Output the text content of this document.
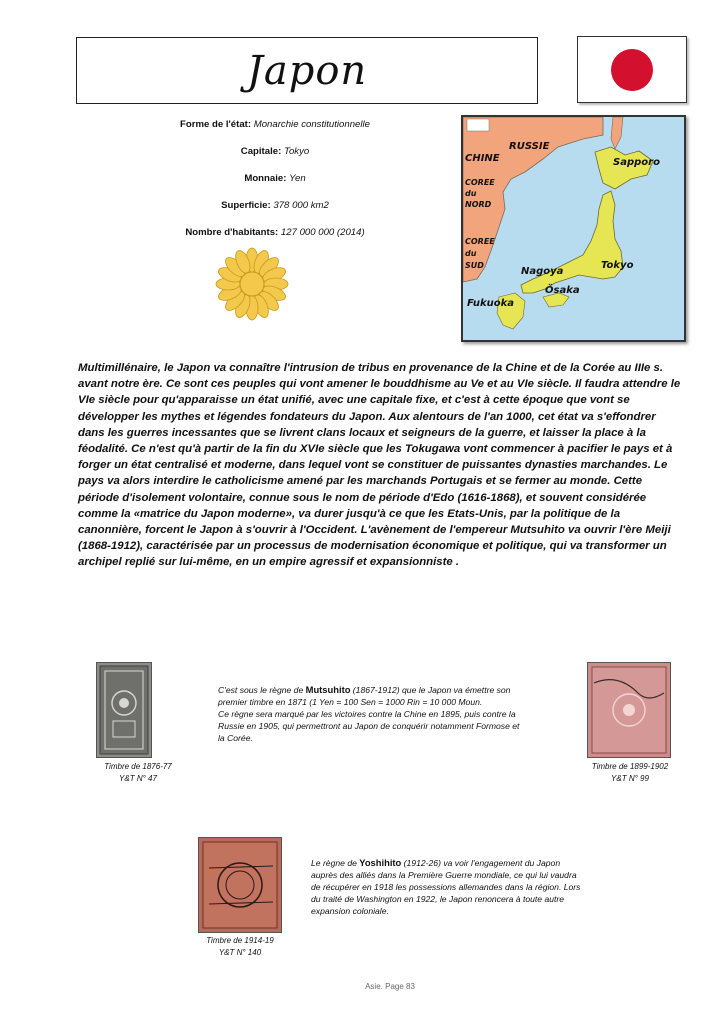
Japon
Forme de l'état: Monarchie constitutionnelle
Capitale: Tokyo
Monnaie: Yen
Superficie: 378 000 km2
Nombre d'habitants: 127 000 000 (2014)
CHINE
RUSSIE
Sapporo
COREE
du
NORD
COREE
du
SUD
Nagoya
Tokyo
Ösaka
Fukuoka
Multimillénaire, le Japon va connaître l'intrusion de tribus en provenance de la Chine et de la Corée au IIIe s. avant notre ère. Ce sont ces peuples qui vont amener le bouddhisme au Ve et au VIe siècle. Il faudra attendre le VIe siècle pour qu'apparaisse un état unifié, avec une capitale fixe, et c'est à cette époque que vont se développer les mythes et légendes fondateurs du Japon. Aux alentours de l'an 1000, cet état va s'effondrer dans les guerres incessantes que se livrent clans locaux et seigneurs de la guerre, et laisser la place à la féodalité. Ce n'est qu'à partir de la fin du XVIe siècle que les Tokugawa vont commencer à pacifier le pays et à forger un état centralisé et moderne, dans lequel vont se constituer de puissantes dynasties marchandes. Le pays va alors interdire le catholicisme amené par les marchands Portugais et se fermer au monde. Cette période d'isolement volontaire, connue sous le nom de période d'Edo (1616-1868), et souvent considérée comme la «matrice du Japon moderne», va durer jusqu'à ce que les Etats-Unis, par la politique de la canonnière, forcent le Japon à s'ouvrir à l'Occident. L'avènement de l'empereur Mutsuhito va ouvrir l'ère Meiji (1868-1912), caractérisée par un processus de modernisation économique et politique, qui va transformer un archipel replié sur lui-même, en un empire agressif et expansionniste .
Timbre de 1876-77
Y&T N° 47
C'est sous le règne de Mutsuhito (1867-1912) que le Japon va émettre son premier timbre en 1871 (1 Yen = 100 Sen = 1000 Rin = 10 000 Moun.
Ce règne sera marqué par les victoires contre la Chine en 1895, puis contre la Russie en 1905, qui permettront au Japon de conquérir notamment Formose et la Corée.
Timbre de 1899-1902
Y&T N° 99
Timbre de 1914-19
Y&T N° 140
Le règne de Yoshihito (1912-26) va voir l'engagement du Japon auprès des alliés dans la Première Guerre mondiale, ce qui lui vaudra de récupérer en 1918 les possessions allemandes dans la région. Lors du traité de Washington en 1922, le Japon renoncera à toute autre expansion coloniale.
Asie. Page 83
